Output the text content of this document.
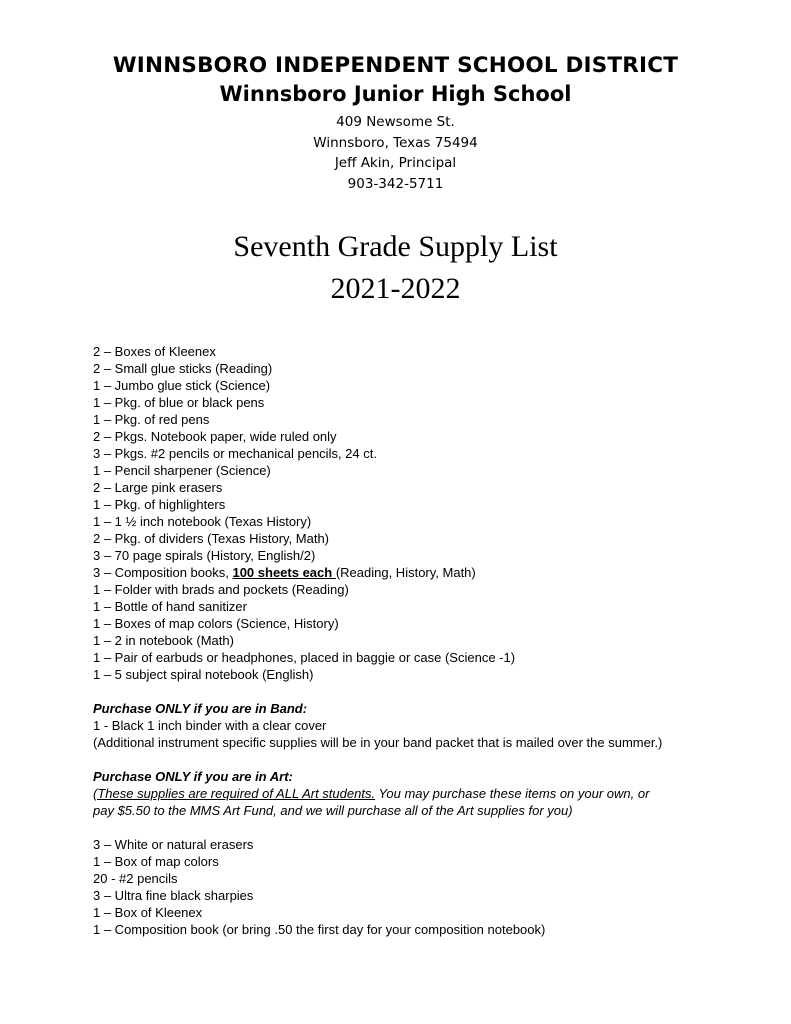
WINNSBORO INDEPENDENT SCHOOL DISTRICT
Winnsboro Junior High School
409 Newsome St.
Winnsboro, Texas 75494
Jeff Akin, Principal
903-342-5711
Seventh Grade Supply List
2021-2022
2 – Boxes of Kleenex
2 – Small glue sticks (Reading)
1 – Jumbo glue stick (Science)
1 – Pkg. of blue or black pens
1 – Pkg. of red pens
2 – Pkgs. Notebook paper, wide ruled only
3 – Pkgs. #2 pencils or mechanical pencils, 24 ct.
1 – Pencil sharpener (Science)
2 – Large pink erasers
1 – Pkg. of highlighters
1 – 1 ½ inch notebook (Texas History)
2 – Pkg. of dividers (Texas History, Math)
3 – 70 page spirals (History, English/2)
3 – Composition books, 100 sheets each (Reading, History, Math)
1 – Folder with brads and pockets (Reading)
1 – Bottle of hand sanitizer
1 – Boxes of map colors (Science, History)
1 – 2 in notebook (Math)
1 – Pair of earbuds or headphones, placed in baggie or case (Science -1)
1 – 5 subject spiral notebook (English)
Purchase ONLY if you are in Band:
1 - Black 1 inch binder with a clear cover
(Additional instrument specific supplies will be in your band packet that is mailed over the summer.)
Purchase ONLY if you are in Art:
(These supplies are required of ALL Art students. You may purchase these items on your own, or
pay $5.50 to the MMS Art Fund, and we will purchase all of the Art supplies for you)
3 – White or natural erasers
1 – Box of map colors
20 - #2 pencils
3 – Ultra fine black sharpies
1 – Box of Kleenex
1 – Composition book (or bring .50 the first day for your composition notebook)
